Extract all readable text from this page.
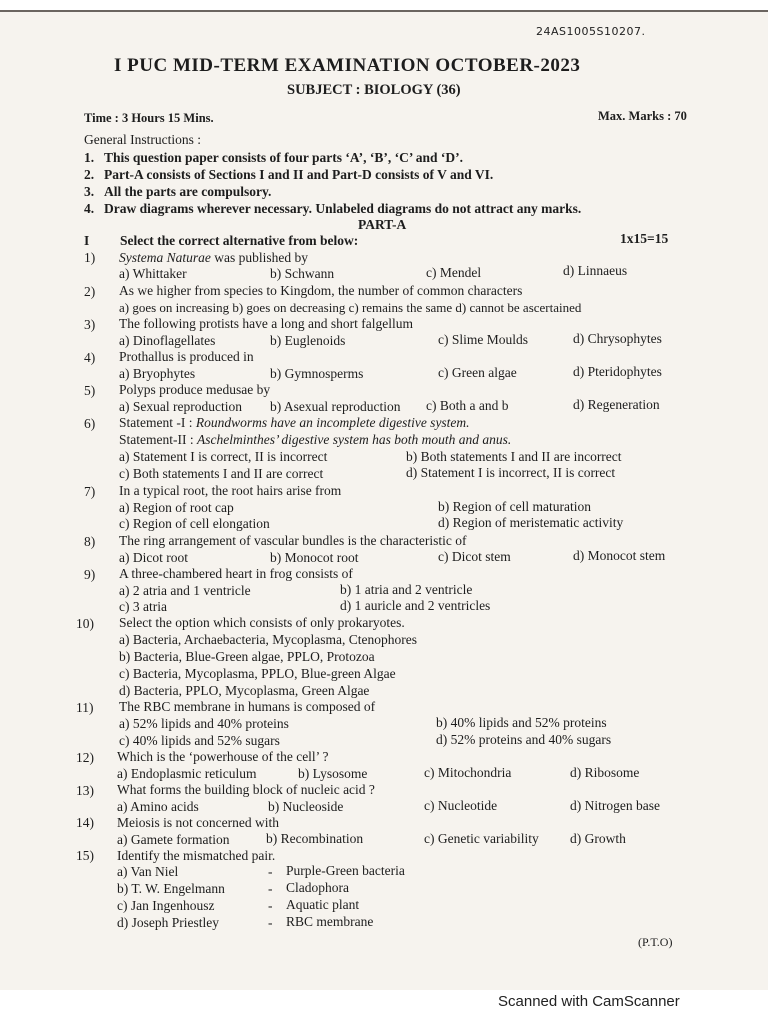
24AS1005S10207.
I PUC MID-TERM EXAMINATION OCTOBER-2023
SUBJECT : BIOLOGY (36)
Time : 3 Hours 15 Mins.	Max. Marks : 70
General Instructions :
1. This question paper consists of four parts ‘A’, ‘B’, ‘C’ and ‘D’.
2. Part-A consists of Sections I and II and Part-D consists of V and VI.
3. All the parts are compulsory.
4. Draw diagrams wherever necessary. Unlabeled diagrams do not attract any marks.
PART-A
I Select the correct alternative from below:	1x15=15
1) Systema Naturae was published by
a) Whittaker	b) Schwann	c) Mendel	d) Linnaeus
2) As we higher from species to Kingdom, the number of common characters
a) goes on increasing b) goes on decreasing c) remains the same d) cannot be ascertained
3) The following protists have a long and short falgellum
a) Dinoflagellates	b) Euglenoids	c) Slime Moulds	d) Chrysophytes
4) Prothallus is produced in
a) Bryophytes	b) Gymnosperms	c) Green algae	d) Pteridophytes
5) Polyps produce medusae by
a) Sexual reproduction b) Asexual reproduction c) Both a and b	d) Regeneration
6) Statement -I : Roundworms have an incomplete digestive system.
Statement-II : Aschelminthes’ digestive system has both mouth and anus.
a) Statement I is correct, II is incorrect	b) Both statements I and II are incorrect
c) Both statements I and II are correct	d) Statement I is incorrect, II is correct
7) In a typical root, the root hairs arise from
a) Region of root cap	b) Region of cell maturation
c) Region of cell elongation	d) Region of meristematic activity
8) The ring arrangement of vascular bundles is the characteristic of
a) Dicot root	b) Monocot root	c) Dicot stem	d) Monocot stem
9) A three-chambered heart in frog consists of
a) 2 atria and 1 ventricle	b) 1 atria and 2 ventricle
c) 3 atria	d) 1 auricle and 2 ventricles
10) Select the option which consists of only prokaryotes.
a) Bacteria, Archaebacteria, Mycoplasma, Ctenophores
b) Bacteria, Blue-Green algae, PPLO, Protozoa
c) Bacteria, Mycoplasma, PPLO, Blue-green Algae
d) Bacteria, PPLO, Mycoplasma, Green Algae
11) The RBC membrane in humans is composed of
a) 52% lipids and 40% proteins	b) 40% lipids and 52% proteins
c) 40% lipids and 52% sugars	d) 52% proteins and 40% sugars
12) Which is the ‘powerhouse of the cell’ ?
a) Endoplasmic reticulum	b) Lysosome	c) Mitochondria	d) Ribosome
13) What forms the building block of nucleic acid ?
a) Amino acids	b) Nucleoside	c) Nucleotide	d) Nitrogen base
14) Meiosis is not concerned with
a) Gamete formation	b) Recombination	c) Genetic variability d) Growth
15) Identify the mismatched pair.
a) Van Niel	- Purple-Green bacteria
b) T. W. Engelmann	- Cladophora
c) Jan Ingenhousz	- Aquatic plant
d) Joseph Priestley	- RBC membrane
(P.T.O)
Scanned with CamScanner
